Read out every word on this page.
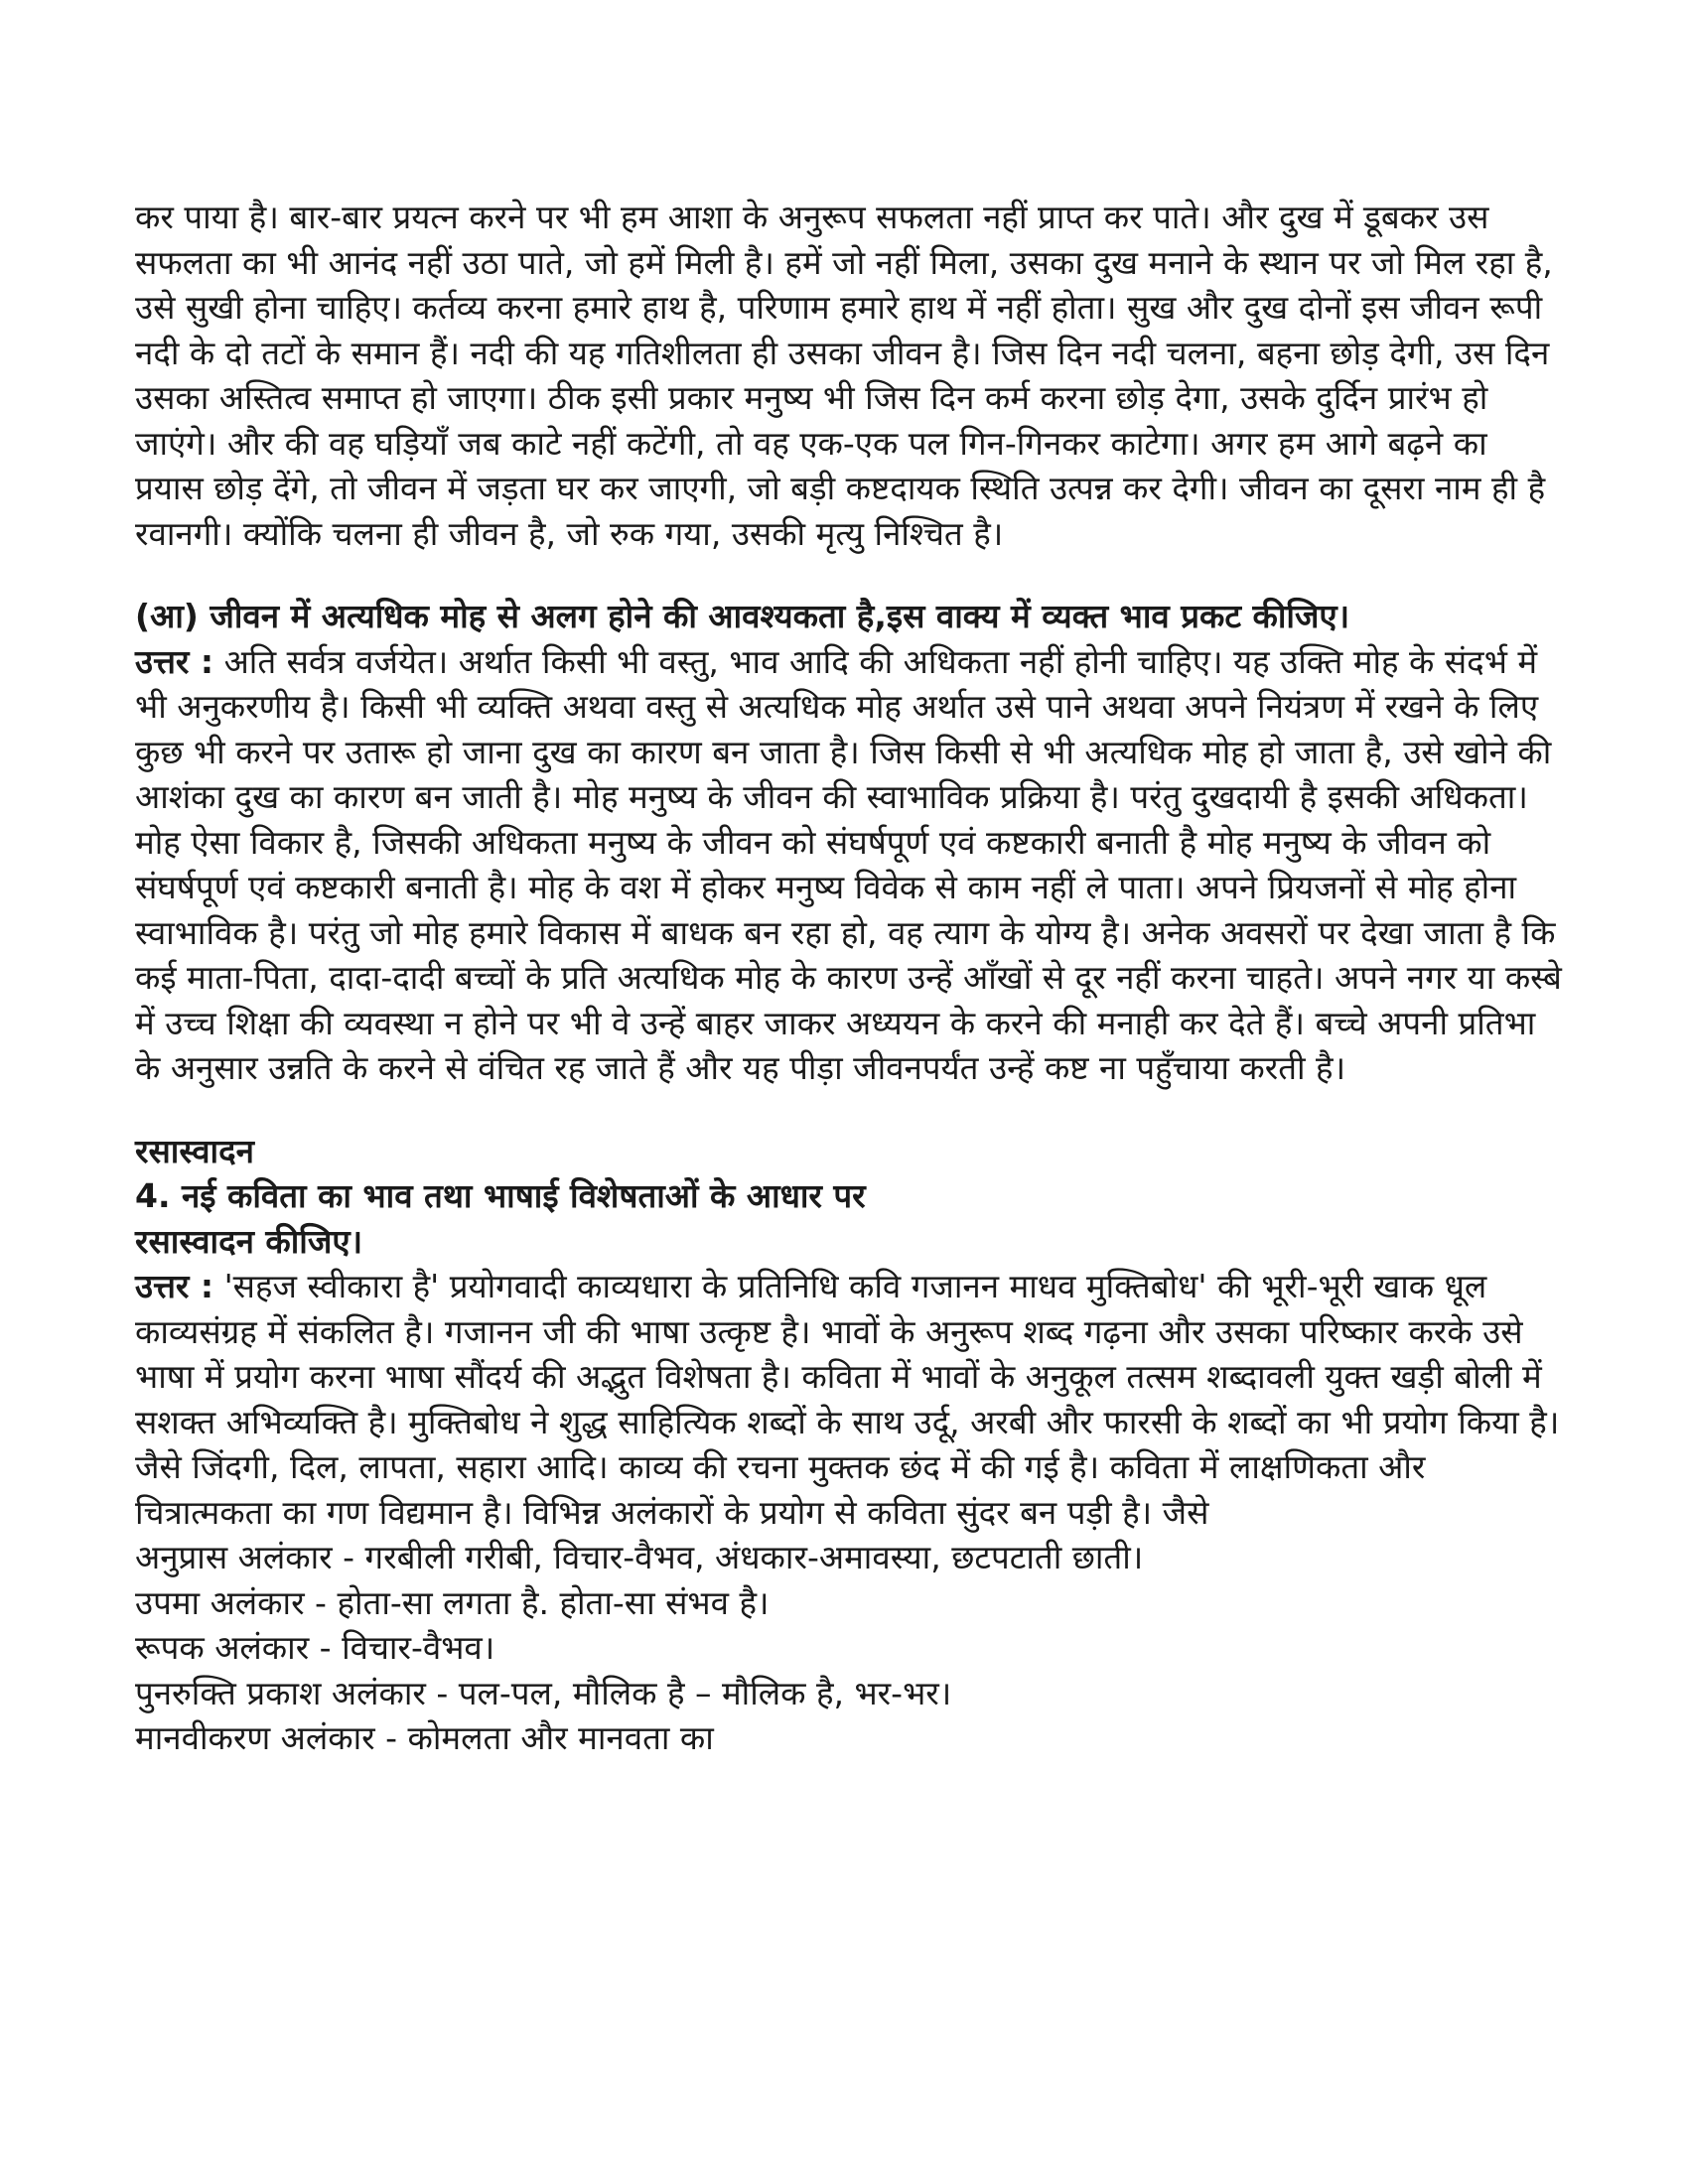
कर पाया है। बार-बार प्रयत्न करने पर भी हम आशा के अनुरूप सफलता नहीं प्राप्त कर पाते। और दुख में डूबकर उस सफलता का भी आनंद नहीं उठा पाते, जो हमें मिली है। हमें जो नहीं मिला, उसका दुख मनाने के स्थान पर जो मिल रहा है, उसे सुखी होना चाहिए। कर्तव्य करना हमारे हाथ है, परिणाम हमारे हाथ में नहीं होता। सुख और दुख दोनों इस जीवन रूपी नदी के दो तटों के समान हैं। नदी की यह गतिशीलता ही उसका जीवन है। जिस दिन नदी चलना, बहना छोड़ देगी, उस दिन उसका अस्तित्व समाप्त हो जाएगा। ठीक इसी प्रकार मनुष्य भी जिस दिन कर्म करना छोड़ देगा, उसके दुर्दिन प्रारंभ हो जाएंगे। और की वह घड़ियाँ जब काटे नहीं कटेंगी, तो वह एक-एक पल गिन-गिनकर काटेगा। अगर हम आगे बढ़ने का प्रयास छोड़ देंगे, तो जीवन में जड़ता घर कर जाएगी, जो बड़ी कष्टदायक स्थिति उत्पन्न कर देगी। जीवन का दूसरा नाम ही है रवानगी। क्योंकि चलना ही जीवन है, जो रुक गया, उसकी मृत्यु निश्चित है।

(आ) जीवन में अत्यधिक मोह से अलग होने की आवश्यकता है,इस वाक्य में व्यक्त भाव प्रकट कीजिए।

उत्तर : अति सर्वत्र वर्जयेत। अर्थात किसी भी वस्तु, भाव आदि की अधिकता नहीं होनी चाहिए। यह उक्ति मोह के संदर्भ में भी अनुकरणीय है। किसी भी व्यक्ति अथवा वस्तु से अत्यधिक मोह अर्थात उसे पाने अथवा अपने नियंत्रण में रखने के लिए कुछ भी करने पर उतारू हो जाना दुख का कारण बन जाता है। जिस किसी से भी अत्यधिक मोह हो जाता है, उसे खोने की आशंका दुख का कारण बन जाती है। मोह मनुष्य के जीवन की स्वाभाविक प्रक्रिया है। परंतु दुखदायी है इसकी अधिकता। मोह ऐसा विकार है, जिसकी अधिकता मनुष्य के जीवन को संघर्षपूर्ण एवं कष्टकारी बनाती है मोह मनुष्य के जीवन को संघर्षपूर्ण एवं कष्टकारी बनाती है। मोह के वश में होकर मनुष्य विवेक से काम नहीं ले पाता। अपने प्रियजनों से मोह होना स्वाभाविक है। परंतु जो मोह हमारे विकास में बाधक बन रहा हो, वह त्याग के योग्य है। अनेक अवसरों पर देखा जाता है कि कई माता-पिता, दादा-दादी बच्चों के प्रति अत्यधिक मोह के कारण उन्हें आँखों से दूर नहीं करना चाहते। अपने नगर या कस्बे में उच्च शिक्षा की व्यवस्था न होने पर भी वे उन्हें बाहर जाकर अध्ययन के करने की मनाही कर देते हैं। बच्चे अपनी प्रतिभा के अनुसार उन्नति के करने से वंचित रह जाते हैं और यह पीड़ा जीवनपर्यंत उन्हें कष्ट ना पहुँचाया करती है।

रसास्वादन

4. नई कविता का भाव तथा भाषाई विशेषताओं के आधार पर

रसास्वादन कीजिए।

उत्तर : 'सहज स्वीकारा है' प्रयोगवादी काव्यधारा के प्रतिनिधि कवि गजानन माधव मुक्तिबोध' की भूरी-भूरी खाक धूल काव्यसंग्रह में संकलित है। गजानन जी की भाषा उत्कृष्ट है। भावों के अनुरूप शब्द गढ़ना और उसका परिष्कार करके उसे भाषा में प्रयोग करना भाषा सौंदर्य की अद्भुत विशेषता है। कविता में भावों के अनुकूल तत्सम शब्दावली युक्त खड़ी बोली में सशक्त अभिव्यक्ति है। मुक्तिबोध ने शुद्ध साहित्यिक शब्दों के साथ उर्दू, अरबी और फारसी के शब्दों का भी प्रयोग किया है। जैसे जिंदगी, दिल, लापता, सहारा आदि। काव्य की रचना मुक्तक छंद में की गई है। कविता में लाक्षणिकता और चित्रात्मकता का गण विद्यमान है। विभिन्न अलंकारों के प्रयोग से कविता सुंदर बन पड़ी है। जैसे

अनुप्रास अलंकार - गरबीली गरीबी, विचार-वैभव, अंधकार-अमावस्या, छटपटाती छाती।

उपमा अलंकार - होता-सा लगता है. होता-सा संभव है।

रूपक अलंकार - विचार-वैभव।

पुनरुक्ति प्रकाश अलंकार - पल-पल, मौलिक है – मौलिक है, भर-भर।

मानवीकरण अलंकार - कोमलता और मानवता का
